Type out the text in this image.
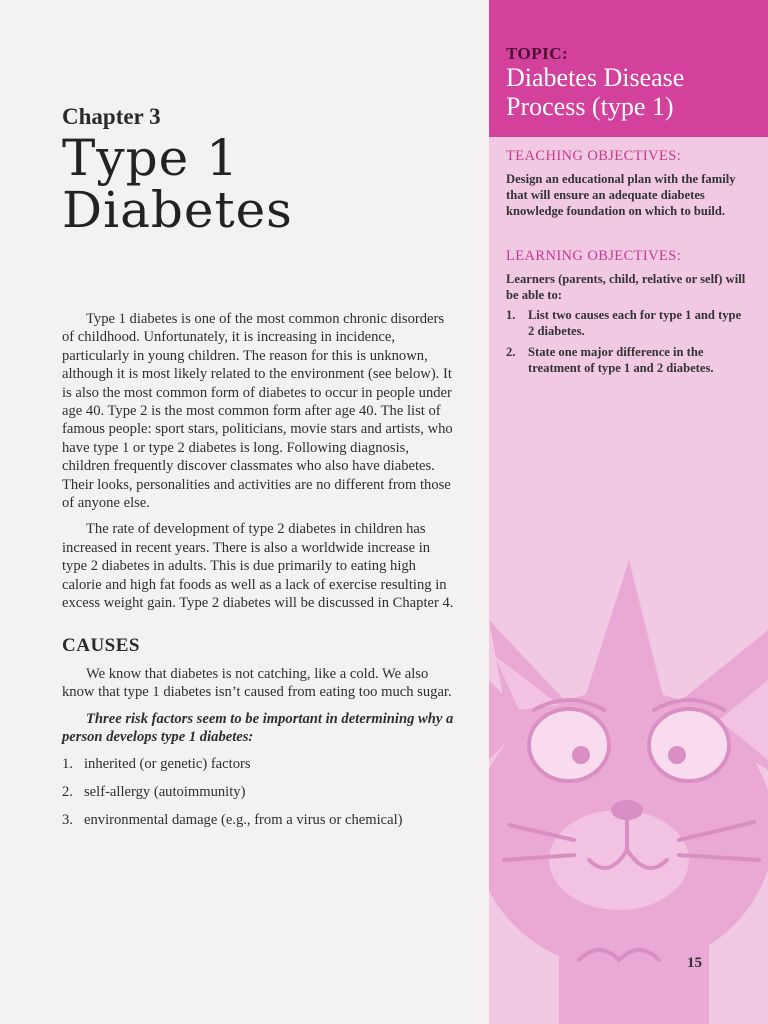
Chapter 3
Type 1
Diabetes

Type 1 diabetes is one of the most common chronic disorders of childhood. Unfortunately, it is increasing in incidence, particularly in young children. The reason for this is unknown, although it is most likely related to the environment (see below). It is also the most common form of diabetes to occur in people under age 40. Type 2 is the most common form after age 40. The list of famous people: sport stars, politicians, movie stars and artists, who have type 1 or type 2 diabetes is long. Following diagnosis, children frequently discover classmates who also have diabetes. Their looks, personalities and activities are no different from those of anyone else.

The rate of development of type 2 diabetes in children has increased in recent years. There is also a worldwide increase in type 2 diabetes in adults. This is due primarily to eating high calorie and high fat foods as well as a lack of exercise resulting in excess weight gain. Type 2 diabetes will be discussed in Chapter 4.

CAUSES

We know that diabetes is not catching, like a cold. We also know that type 1 diabetes isn’t caused from eating too much sugar.

Three risk factors seem to be important in determining why a person develops type 1 diabetes:

1. inherited (or genetic) factors
2. self-allergy (autoimmunity)
3. environmental damage (e.g., from a virus or chemical)
TOPIC:
Diabetes Disease Process (type 1)
TEACHING OBJECTIVES:

Design an educational plan with the family that will ensure an adequate diabetes knowledge foundation on which to build.

LEARNING OBJECTIVES:

Learners (parents, child, relative or self) will be able to:

1. List two causes each for type 1 and type 2 diabetes.
2. State one major difference in the treatment of type 1 and 2 diabetes.
15
